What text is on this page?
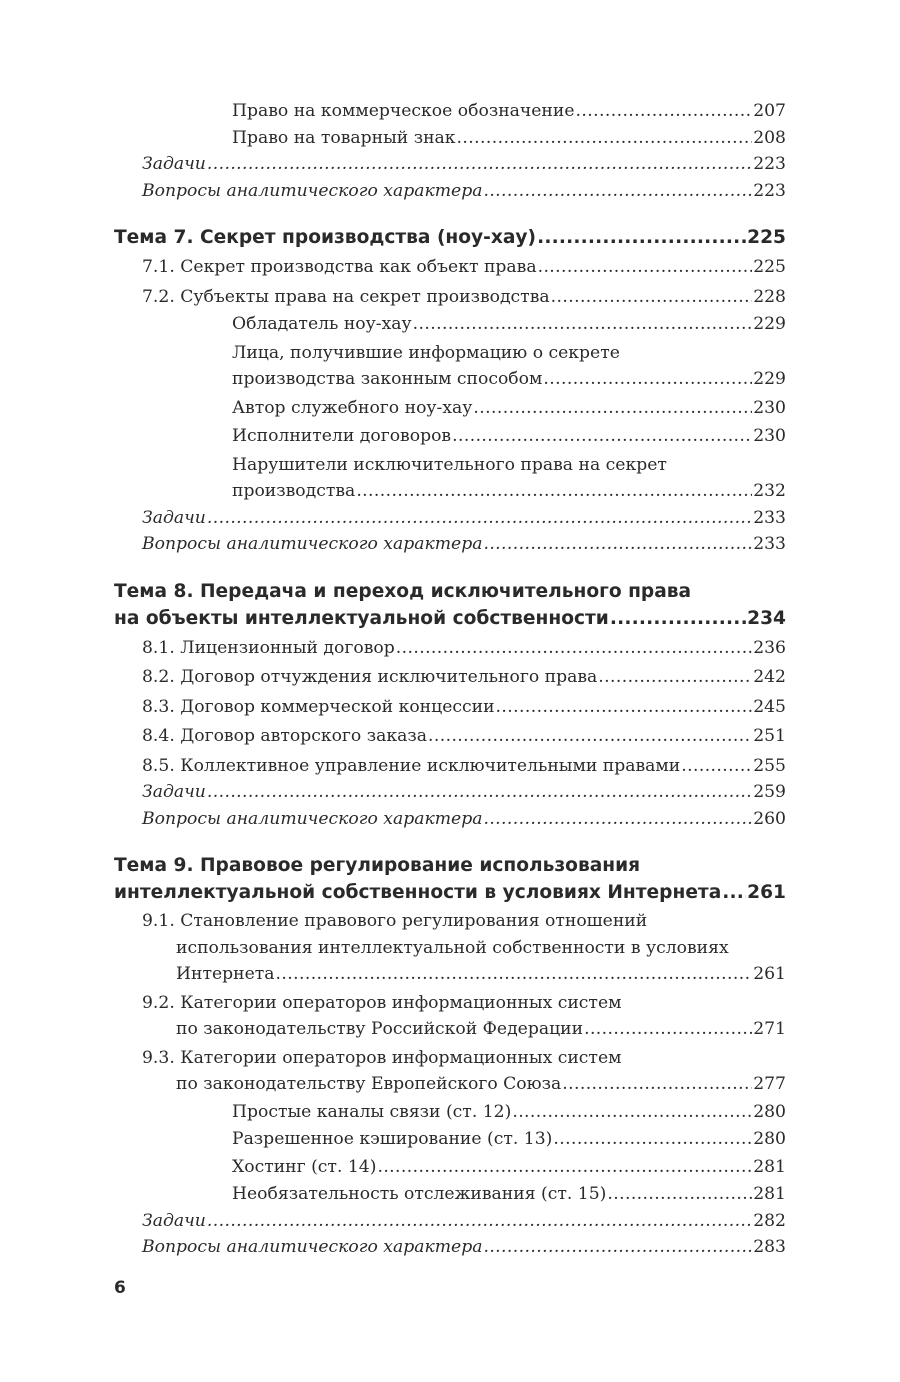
Право на коммерческое обозначение .....	207
Право на товарный знак .....	208
Задачи .....	223
Вопросы аналитического характера .....	223
Тема 7. Секрет производства (ноу-хау) .....	225
7.1. Секрет производства как объект права .....	225
7.2. Субъекты права на секрет производства .....	228
Обладатель ноу-хау .....	229
Лица, получившие информацию о секрете
производства законным способом .....	229
Автор служебного ноу-хау .....	230
Исполнители договоров .....	230
Нарушители исключительного права на секрет
производства .....	232
Задачи .....	233
Вопросы аналитического характера .....	233
Тема 8. Передача и переход исключительного права
на объекты интеллектуальной собственности .....	234
8.1. Лицензионный договор .....	236
8.2. Договор отчуждения исключительного права .....	242
8.3. Договор коммерческой концессии .....	245
8.4. Договор авторского заказа .....	251
8.5. Коллективное управление исключительными правами .....	255
Задачи .....	259
Вопросы аналитического характера .....	260
Тема 9. Правовое регулирование использования
интеллектуальной собственности в условиях Интернета ..... 261
9.1. Становление правового регулирования отношений
использования интеллектуальной собственности в условиях
Интернета .....	261
9.2. Категории операторов информационных систем
по законодательству Российской Федерации .....	271
9.3. Категории операторов информационных систем
по законодательству Европейского Союза .....	277
Простые каналы связи (ст. 12) .....	280
Разрешенное кэширование (ст. 13) .....	280
Хостинг (ст. 14) .....	281
Необязательность отслеживания (ст. 15) .....	281
Задачи .....	282
Вопросы аналитического характера .....	283
6
